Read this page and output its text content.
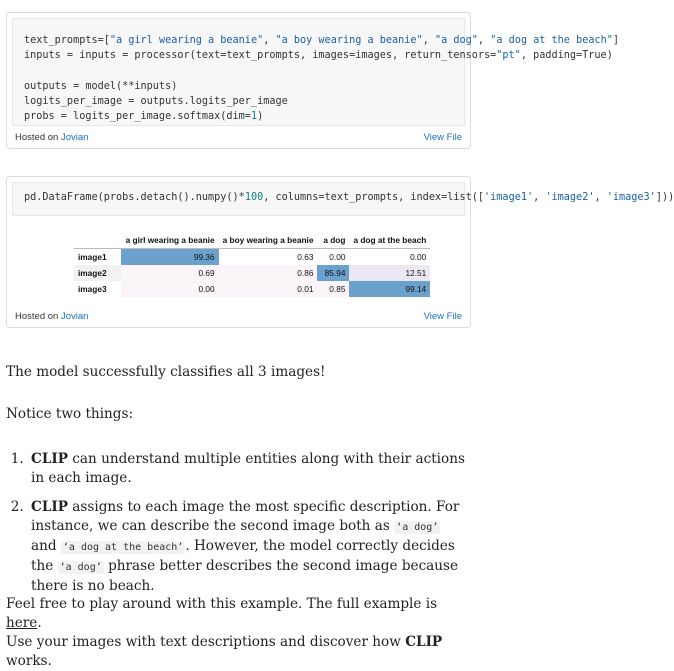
text_prompts=["a girl wearing a beanie", "a boy wearing a beanie", "a dog", "a dog at the beach"]
inputs = inputs = processor(text=text_prompts, images=images, return_tensors="pt", padding=True)

outputs = model(**inputs)
logits_per_image = outputs.logits_per_image
probs = logits_per_image.softmax(dim=1)
Hosted on Jovian	View File
pd.DataFrame(probs.detach().numpy()*100, columns=text_prompts, index=list(['image1', 'image2', 'image3']))
	a girl wearing a beanie	a boy wearing a beanie	a dog	a dog at the beach
image1	99.36	0.63	0.00	0.00
image2	0.69	0.86	85.94	12.51
image3	0.00	0.01	0.85	99.14
Hosted on Jovian	View File
The model successfully classifies all 3 images!
Notice two things:
1. CLIP can understand multiple entities along with their actions in each image.
2. CLIP assigns to each image the most specific description. For instance, we can describe the second image both as ‘a dog’ and ‘a dog at the beach’ . However, the model correctly decides the ‘a dog’ phrase better describes the second image because there is no beach.
Feel free to play around with this example. The full example is here.
Use your images with text descriptions and discover how CLIP works.
